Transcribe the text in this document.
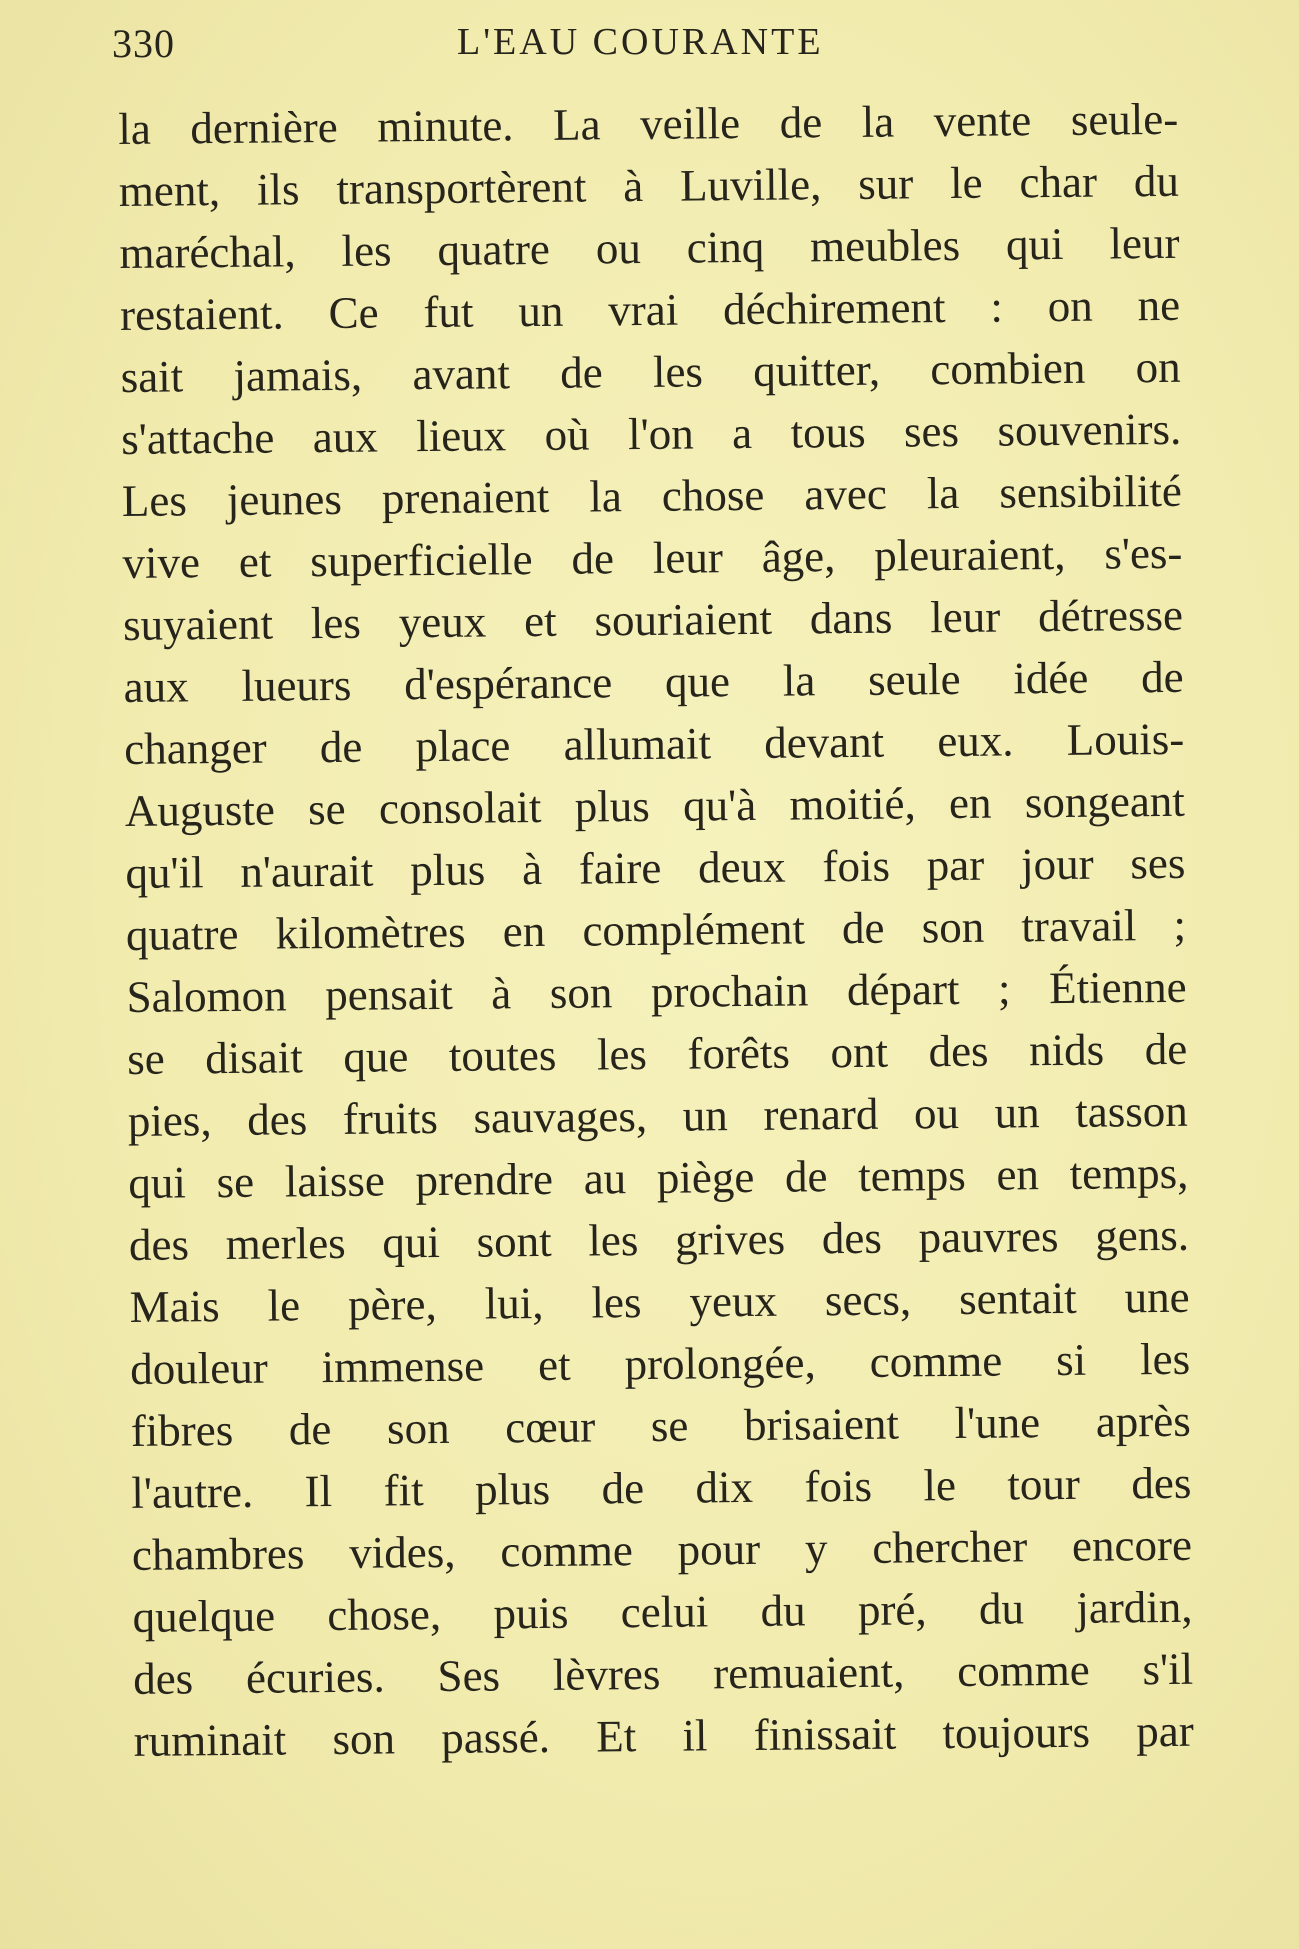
330	L'EAU COURANTE
la dernière minute. La veille de la vente seule-
ment, ils transportèrent à Luville, sur le char du
maréchal, les quatre ou cinq meubles qui leur
restaient. Ce fut un vrai déchirement : on ne
sait jamais, avant de les quitter, combien on
s'attache aux lieux où l'on a tous ses souvenirs.
Les jeunes prenaient la chose avec la sensibilité
vive et superficielle de leur âge, pleuraient, s'es-
suyaient les yeux et souriaient dans leur détresse
aux lueurs d'espérance que la seule idée de
changer de place allumait devant eux. Louis-
Auguste se consolait plus qu'à moitié, en songeant
qu'il n'aurait plus à faire deux fois par jour ses
quatre kilomètres en complément de son travail ;
Salomon pensait à son prochain départ ; Étienne
se disait que toutes les forêts ont des nids de
pies, des fruits sauvages, un renard ou un tasson
qui se laisse prendre au piège de temps en temps,
des merles qui sont les grives des pauvres gens.
Mais le père, lui, les yeux secs, sentait une
douleur immense et prolongée, comme si les
fibres de son cœur se brisaient l'une après
l'autre. Il fit plus de dix fois le tour des
chambres vides, comme pour y chercher encore
quelque chose, puis celui du pré, du jardin,
des écuries. Ses lèvres remuaient, comme s'il
ruminait son passé. Et il finissait toujours par
